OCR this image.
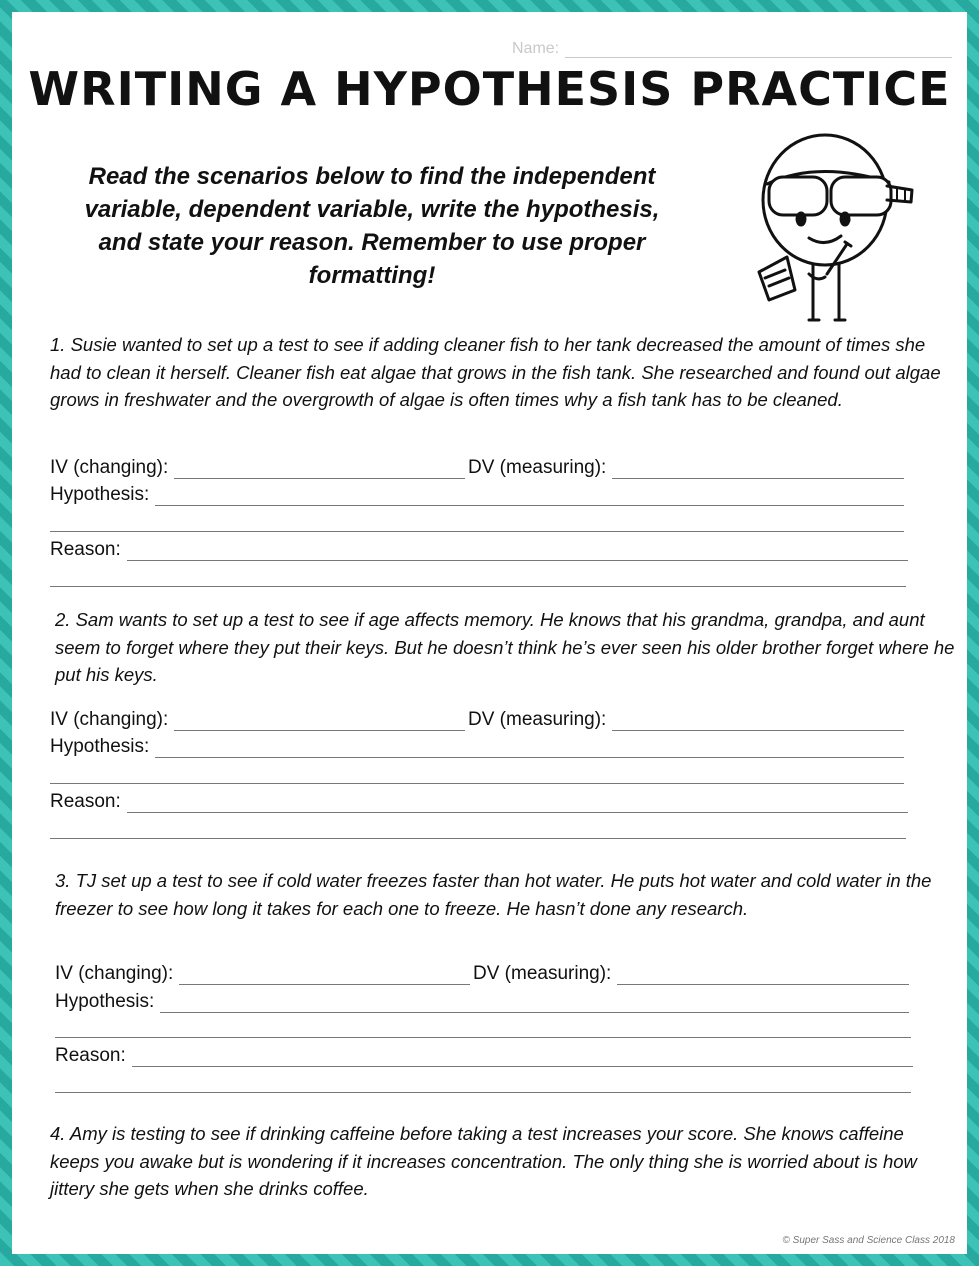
Name:
WRITING A HYPOTHESIS PRACTICE
Read the scenarios below to find the independent variable, dependent variable, write the hypothesis, and state your reason. Remember to use proper formatting!
1. Susie wanted to set up a test to see if adding cleaner fish to her tank decreased the amount of times she had to clean it herself. Cleaner fish eat algae that grows in the fish tank. She researched and found out algae grows in freshwater and the overgrowth of algae is often times why a fish tank has to be cleaned.
IV (changing):	DV (measuring):
Hypothesis:
Reason:
2. Sam wants to set up a test to see if age affects memory. He knows that his grandma, grandpa, and aunt seem to forget where they put their keys. But he doesn’t think he’s ever seen his older brother forget where he put his keys.
IV (changing):	DV (measuring):
Hypothesis:
Reason:
3. TJ set up a test to see if cold water freezes faster than hot water. He puts hot water and cold water in the freezer to see how long it takes for each one to freeze. He hasn’t done any research.
IV (changing):	DV (measuring):
Hypothesis:
Reason:
4. Amy is testing to see if drinking caffeine before taking a test increases your score. She knows caffeine keeps you awake but is wondering if it increases concentration. The only thing she is worried about is how jittery she gets when she drinks coffee.
© Super Sass and Science Class 2018
